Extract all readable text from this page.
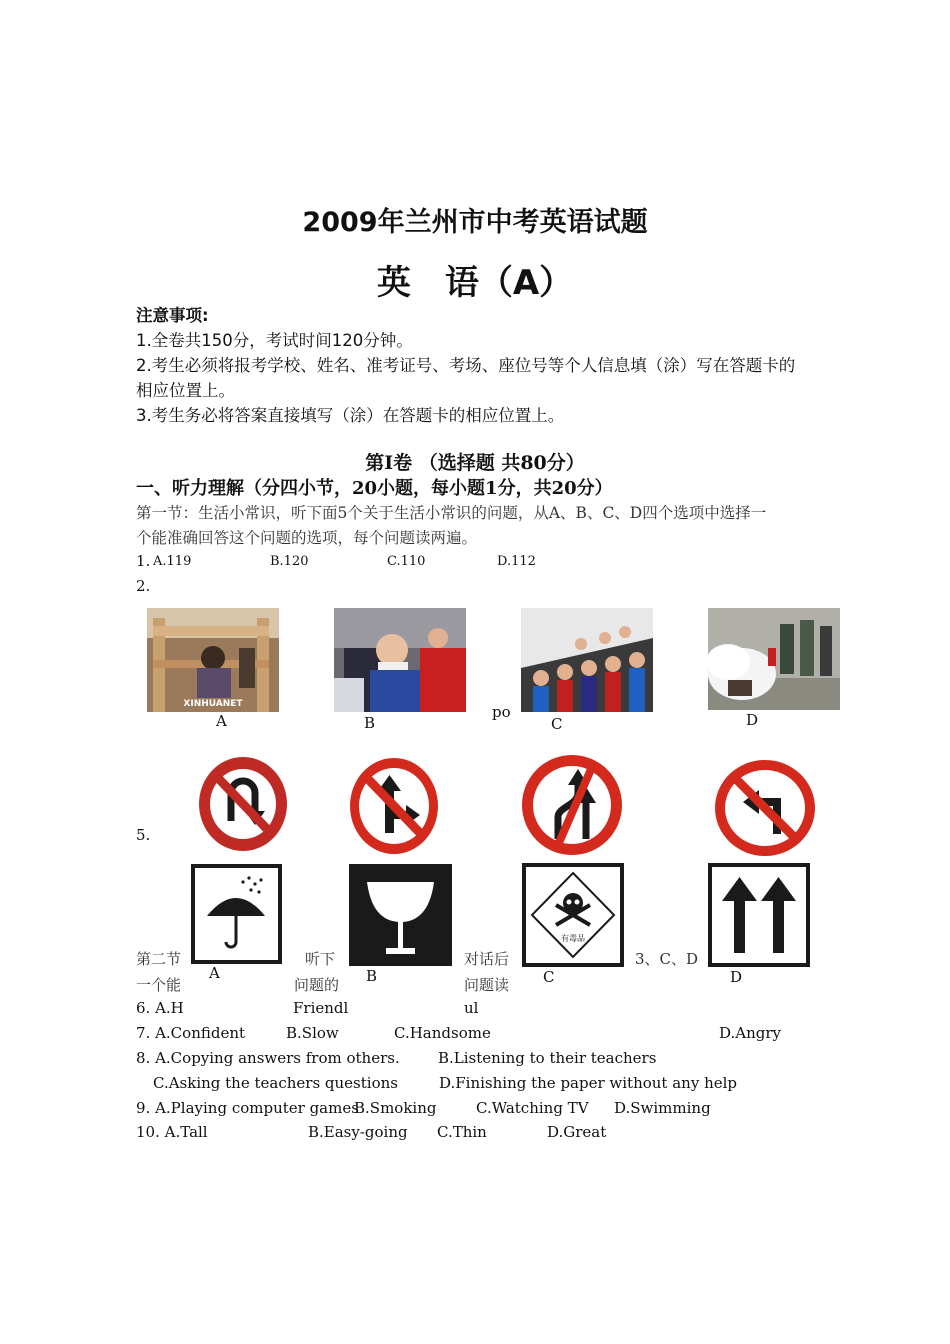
2009年兰州市中考英语试题
英　语（A）
注意事项:
1.全卷共150分，考试时间120分钟。
2.考生必须将报考学校、姓名、准考证号、考场、座位号等个人信息填（涂）写在答题卡的
相应位置上。
3.考生务必将答案直接填写（涂）在答题卡的相应位置上。
第Ⅰ卷 （选择题 共80分）
一、听力理解（分四小节，20小题，每小题1分，共20分）
第一节：生活小常识，听下面5个关于生活小常识的问题，从A、B、C、D四个选项中选择一
个能准确回答这个问题的选项，每个问题读两遍。
1. A.119	B.120	C.110	D.112
2.
XINHUANET
A	B
po
C	D
5.
第二节	听下	对话后	3、C、D
一个能	问题的	问题读
6. A.H	Friendl	ul
有毒品
A	B	C	D
7. A.Confident	B.Slow	C.Handsome	D.Angry
8. A.Copying answers from others.	B.Listening to their teachers
C.Asking the teachers questions	D.Finishing the paper without any help
9. A.Playing computer games
B.Smoking	C.Watching TV D.Swimming
10. A.Tall	B.Easy-going C.Thin	D.Great
